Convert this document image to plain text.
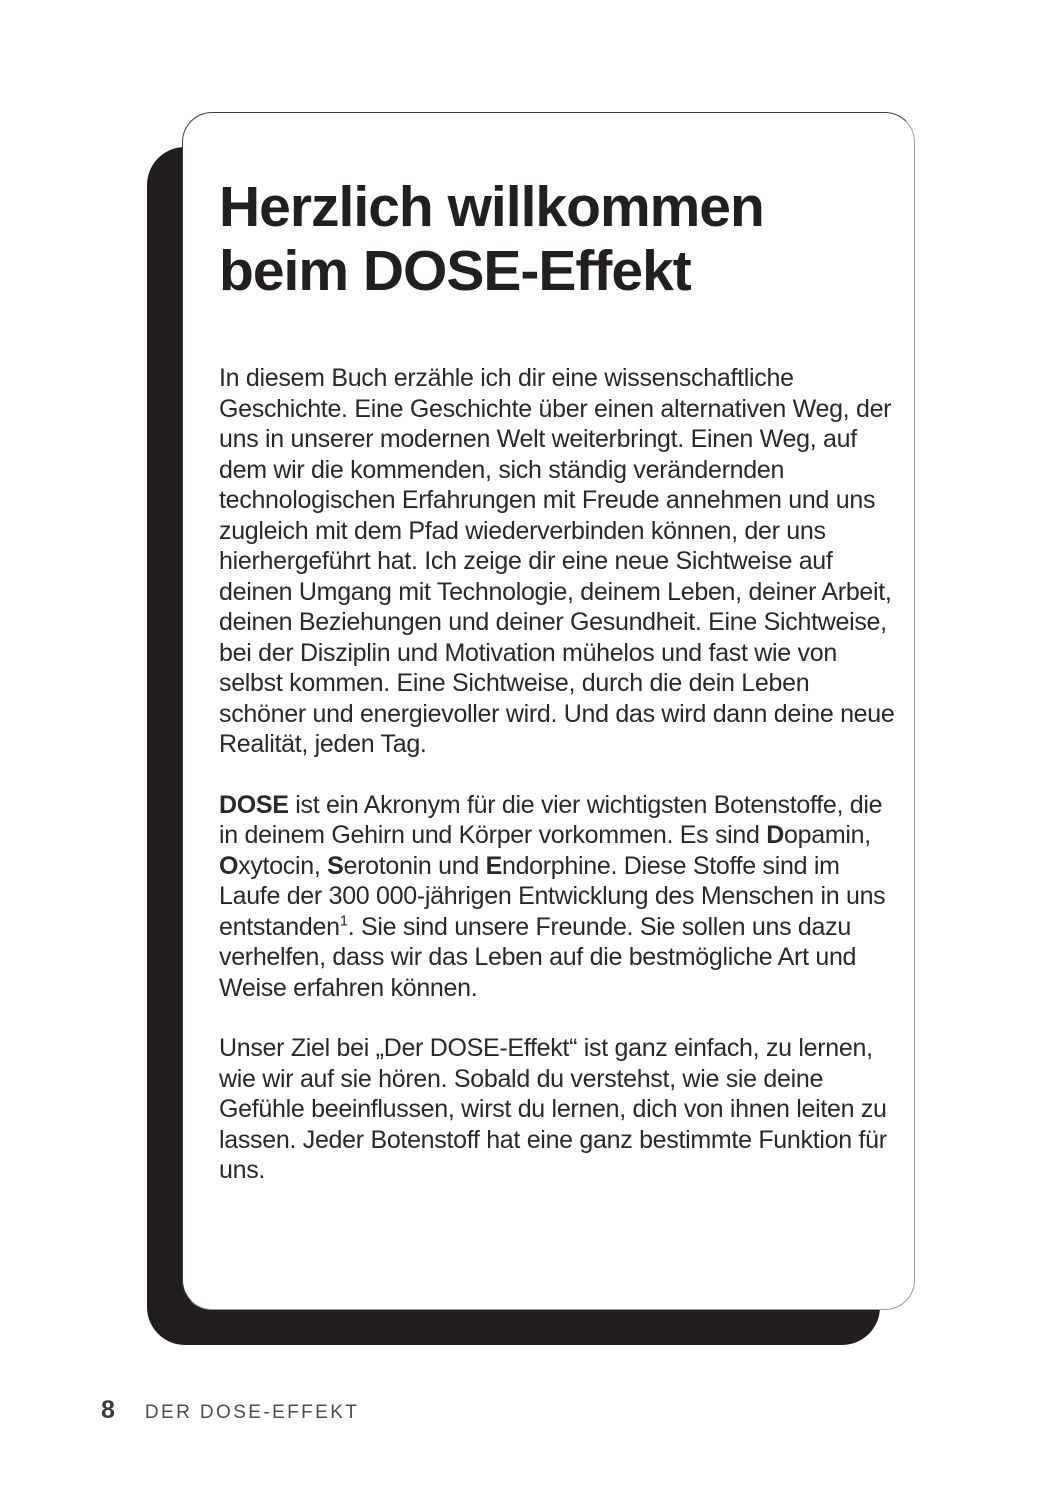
Herzlich willkommen
beim DOSE-Effekt

In diesem Buch erzähle ich dir eine wissenschaftliche Geschichte. Eine Geschichte über einen alternativen Weg, der uns in unserer modernen Welt weiterbringt. Einen Weg, auf dem wir die kommenden, sich ständig verändernden technologischen Erfahrungen mit Freude annehmen und uns zugleich mit dem Pfad wiederverbinden können, der uns hierhergeführt hat. Ich zeige dir eine neue Sichtweise auf deinen Umgang mit Technologie, deinem Leben, deiner Arbeit, deinen Beziehungen und deiner Gesundheit. Eine Sichtweise, bei der Disziplin und Motivation mühelos und fast wie von selbst kommen. Eine Sichtweise, durch die dein Leben schöner und energievoller wird. Und das wird dann deine neue Realität, jeden Tag.

DOSE ist ein Akronym für die vier wichtigsten Botenstoffe, die in deinem Gehirn und Körper vorkommen. Es sind Dopamin, Oxytocin, Serotonin und Endorphine. Diese Stoffe sind im Laufe der 300 000-jährigen Entwicklung des Menschen in uns entstanden$^1$. Sie sind unsere Freunde. Sie sollen uns dazu verhelfen, dass wir das Leben auf die bestmögliche Art und Weise erfahren können.

Unser Ziel bei „Der DOSE-Effekt“ ist ganz einfach, zu lernen, wie wir auf sie hören. Sobald du verstehst, wie sie deine Gefühle beeinflussen, wirst du lernen, dich von ihnen leiten zu lassen. Jeder Botenstoff hat eine ganz bestimmte Funktion für uns.

8 DER DOSE-EFFEKT
